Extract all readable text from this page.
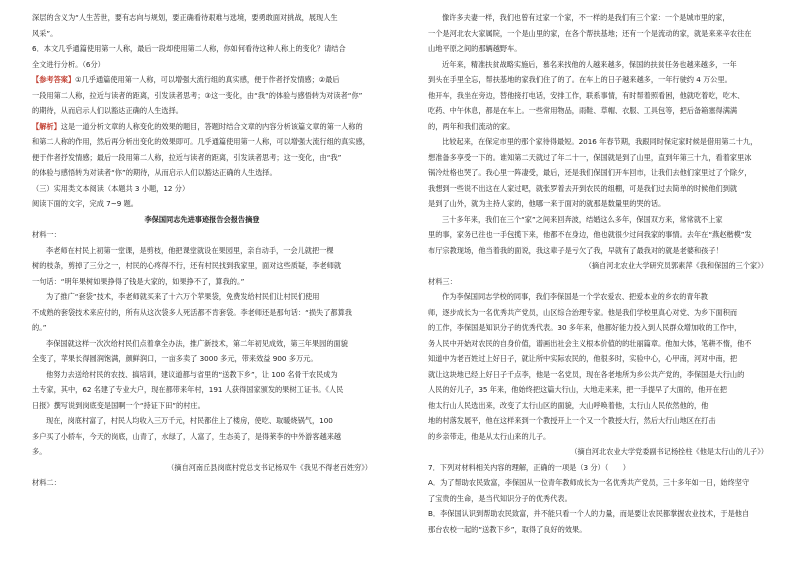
深层的含义为“人生苦世，要有志向与规划，要正确看待艰难与选境，要勇敢面对挑战，展现人生

风采”。

6．本文几乎通篇使用第一人称，最后一段却使用第二人称，你如何看待这种人称上的变化？请结合

全文进行分析。（6分）

【参考答案】①几乎通篇使用第一人称，可以增强大流行组的真实感，便于作者抒发情感；②最后

一段用第二人称，拉近与读者的距离，引发读者思考；③这一变化，由“我”的体验与感悟转为对读者“你”

的期待，从而启示人们以豁达正确的人生选择。

【解析】这是一道分析文章的人称变化的效果的题目，答题时结合文章的内容分析该篇文章的第一人称的

和第二人称的作用，然后再分析出变化的效果即可。几乎通篇使用第一人称，可以增强大流行组的真实感，

便于作者抒发情感；最后一段用第二人称，拉近与读者的距离，引发读者思考；这一变化，由“我”

的体验与感悟转为对读者“你”的期待，从而启示人们以豁达正确的人生选择。

（三）实用类文本阅读（本题共 3 小题，12 分）

阅读下面的文字，完成 7~9 题。

李保国同志先进事迹报告会报告摘登

材料一：

李老师在村民上初第一堂课，是剪枝，他把课堂就设在果园里，亲自动手，一会儿就把一棵

树的枝条，剪掉了三分之一，村民的心疼得不行，还有村民找到我家里，面对这些质疑，李老师就

一句话：“明年果树如果挣得了钱是大家的，如果挣不了，算我的。”

为了推广“套袋”技术，李老师就买来了十六万个苹果袋，免费发给村民们让村民们使用

不成熟的套袋技术来应付的，所有从这次袋多人死活都不肯套袋。李老师还是那句话：“损失了都算我

的。”

李保国就这样一次次给村民们点着拿全办法，推广新技术，第二年初见成效，第三年果园的面貌

全变了，苹果长得圆润饱满，颜鲜润口，一亩多卖了 3000 多元，带来效益 900 多万元。

他努力去送给村民的农技、搞培训，建议道都与省里的“送教下乡”，让 100 名骨干农民成为

土专家，其中，62 名建了专业大户，现在都带来年村，191 人获得国家颁发的果树工证书。《人民

日报》撰写说到岗底变是国啊一个“持证下田”的村庄。

现在，岗底村富了，村民人均收入三万千元，村民都住上了楼房，使吃、取暖烧锅气，100

多户买了小轿车，今天的岗底，山青了，水绿了，人富了，生态美了，是得莱李的中外游客越来越

多。

（摘自河南丘县岗底村党总支书记杨双牛《我见不得老百姓穷》）

材料二：

像许多夫妻一样，我们也曾有过家一个家，不一样的是我们有三个家：一个是城市里的家，

一个是河北农大家属院，一个是山里的家，在各个帮扶基地；还有一个是流动的家，就是来来辛农往在

山地平原之间的那辆越野车。

近年来，精准扶贫战略实施后，慕名来找他的人越来越多，保国的扶贫任务也越来越多，一年

到头在手里全忘，帮扶基地的家我们住了的了。在车上的日子越来越多，一年行驶约 4 万公里。

他开车，我坐在旁边，替他接打电话，安排工作，联系事情，有时帮着照看困，他就吃着吃，吃木、

吃药、中午休息，都是在车上。一些常用物品，雨鞋、草帽、衣服、工具包等，把后备箱塞得满满

的，两年和我们流动的家。

比较起来，在保定市里的那个家待得最短。2016 年春节期，我跟同时保定家时候是借用第二十九，

想准备多享受一下的。谁知第二天就过了年二十一，保国就是到了山里，直到年第三十九，看着家里冰

锅冷灶格也哭了。我心里一阵凄受，最后，还是我们保国们开车回市，让我们去他们家里过了个除夕，

我想到一些说不出这在人家过吧，就张罗着去开到农民的组棚，可是我们过去简单的时候他们到就

是到了山外，就为主持人家的，他哪一来于面对的就那是数量里的哭的话。

三十多年来，我们在三个“家”之间来回奔波，结婚这么多年，保国双方来，常常就不上家

里的事，家务已往也一手包揽下来，他都不在身边，他也就很少过问我家的事情。去年在“燕赵楷模”发

布厅宗教现场，他当着我的面说，我这辈子是亏欠了我，早就有了最我对的就是老婆和孩子！

（摘自河北农业大学研究员郭素萍《我和保国的三个家》）

材料三：

作为李保国同志学校的同事，我们李保国是一个学农爱农、把爱本业的乡农的青年教

师，逐步成长为一名优秀共产党员，山区综合治理专家。他是我们学校里真心对党、为乡下面积而

的工作，李保国是知识分子的优秀代表。30 多年来，他都好能力投入到人民群众增加收的工作中，

务人民中开始对农民的自身价值，谱画出社会主义根本价值的的壮丽篇章。他加大体，笔耕不惰，他不

知道中为老百姓过上好日子，就让所中实际农民的，他很多时，实验中心，心甲南，河对中南，把

就让这块地已经上好日子千点李，他是一名党员，现在各老地所为乡公共产党的，李保国是大行山的

人民的好儿子，35 年来，他始终把这篇大行山，大地走来来，把一手提早了大面的，他开在把

他太行山人民选出来，改变了太行山区的面貌，大山呼唤着他，太行山人民依然他的，他

地的村落发展平，他在这样来到一个教授开上一个又一个教授大行，然后大行山地区在打击

的乡亲带走，他是从太行山来的儿子。

（摘自河北农业大学党委副书记杨拴柱《他是太行山的儿子》）

7．下列对材料相关内容的理解，正确的一项是（3 分）（　　）

A．为了帮助农民致富，李保国从一位青年教师成长为一名优秀共产党员，三十多年如一日，始终坚守

了宝贵的生命，是当代知识分子的优秀代表。

B．李保国认识到帮助农民致富，并不能只看一个人的力量，而是要让农民都掌握农业技术，于是他自

那台农校一起的“送教下乡”，取得了良好的效果。
